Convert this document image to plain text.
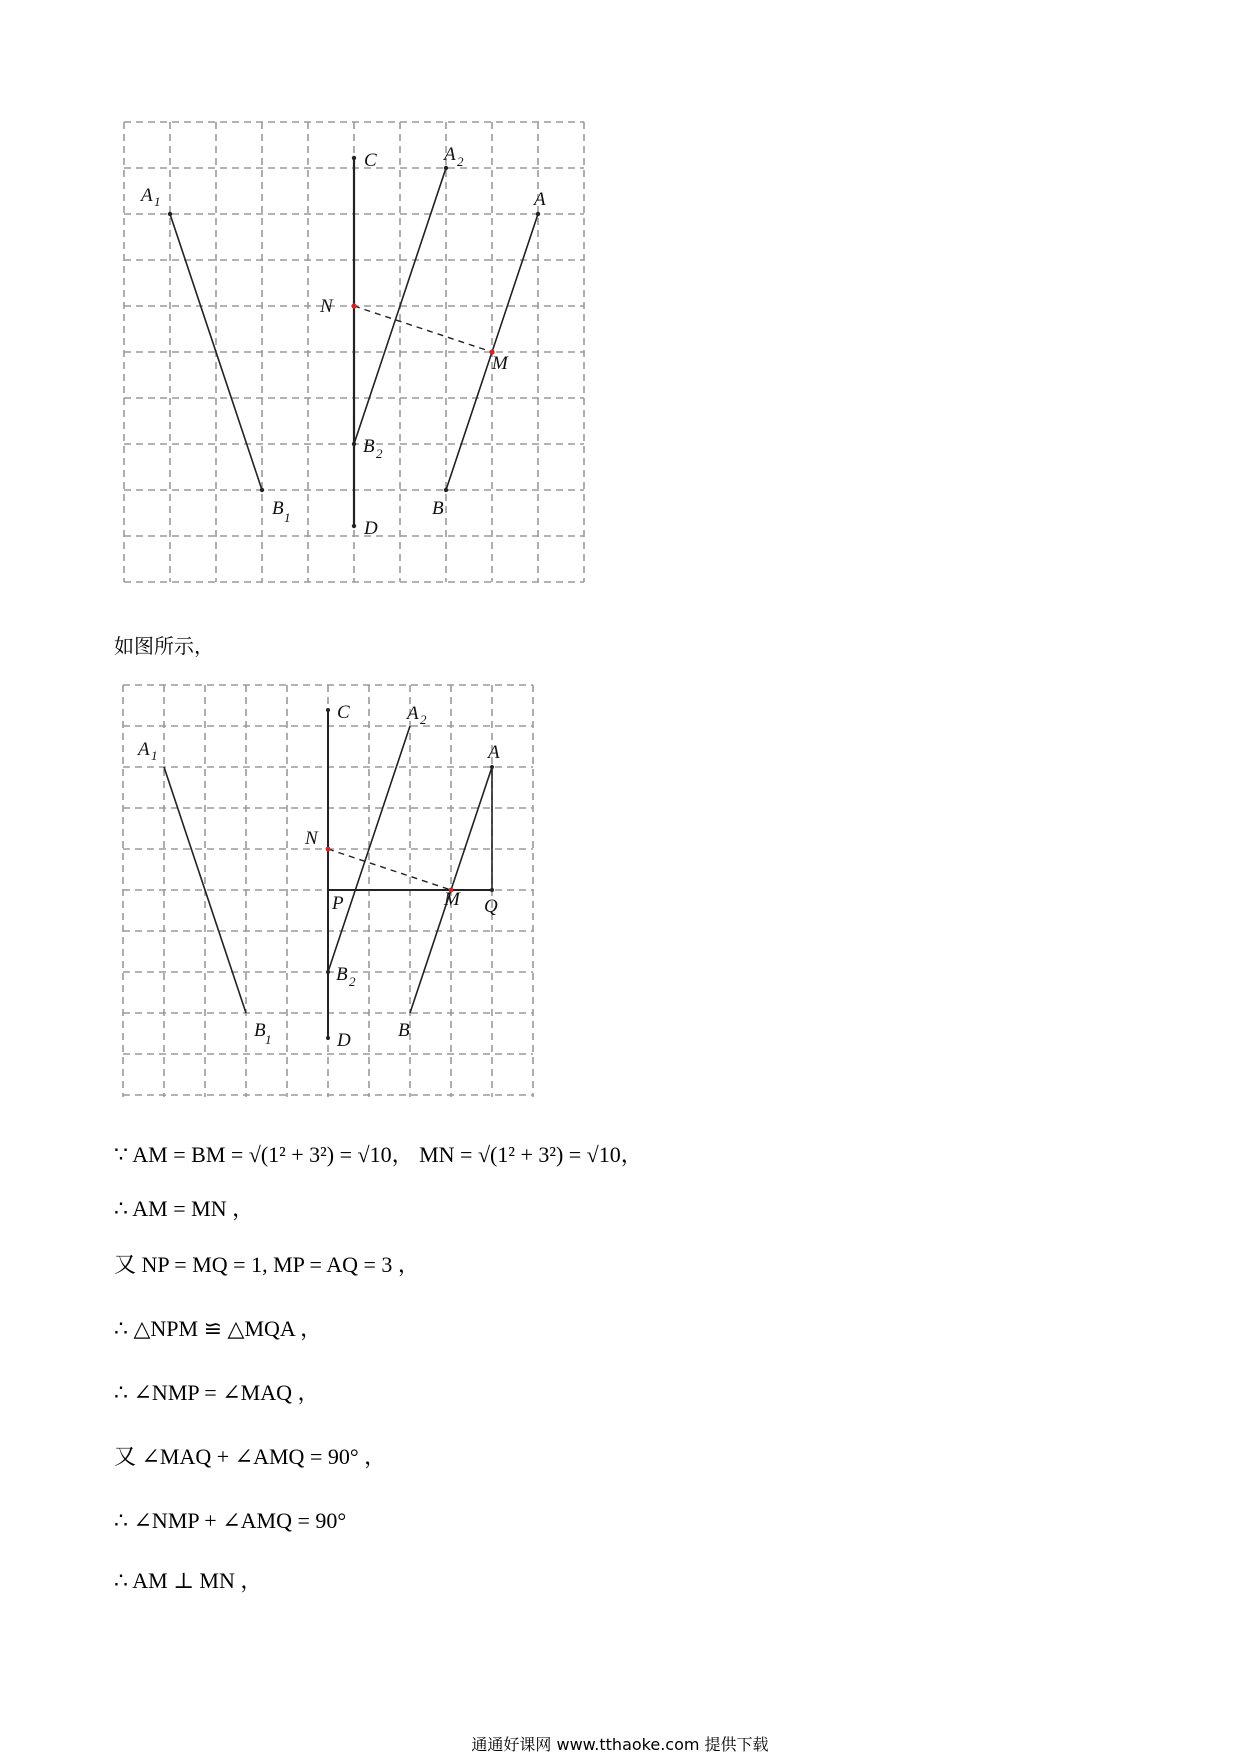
C	A 2
A 1	A
N
M
B 2
B 1	B
D
如图所示，
C	A 2
A 1	A
N
P	M Q
B 2
B 1	B
D
∵ AM = BM = √(1² + 3²) = √10， MN = √(1² + 3²) = √10，
∴ AM = MN ，
又 NP = MQ = 1, MP = AQ = 3 ，
∴ △NPM ≌ △MQA ，
∴ ∠NMP = ∠MAQ ，
又 ∠MAQ + ∠AMQ = 90° ，
∴ ∠NMP + ∠AMQ = 90°
∴ AM ⊥ MN ，
通通好课网 www.tthaoke.com 提供下载
